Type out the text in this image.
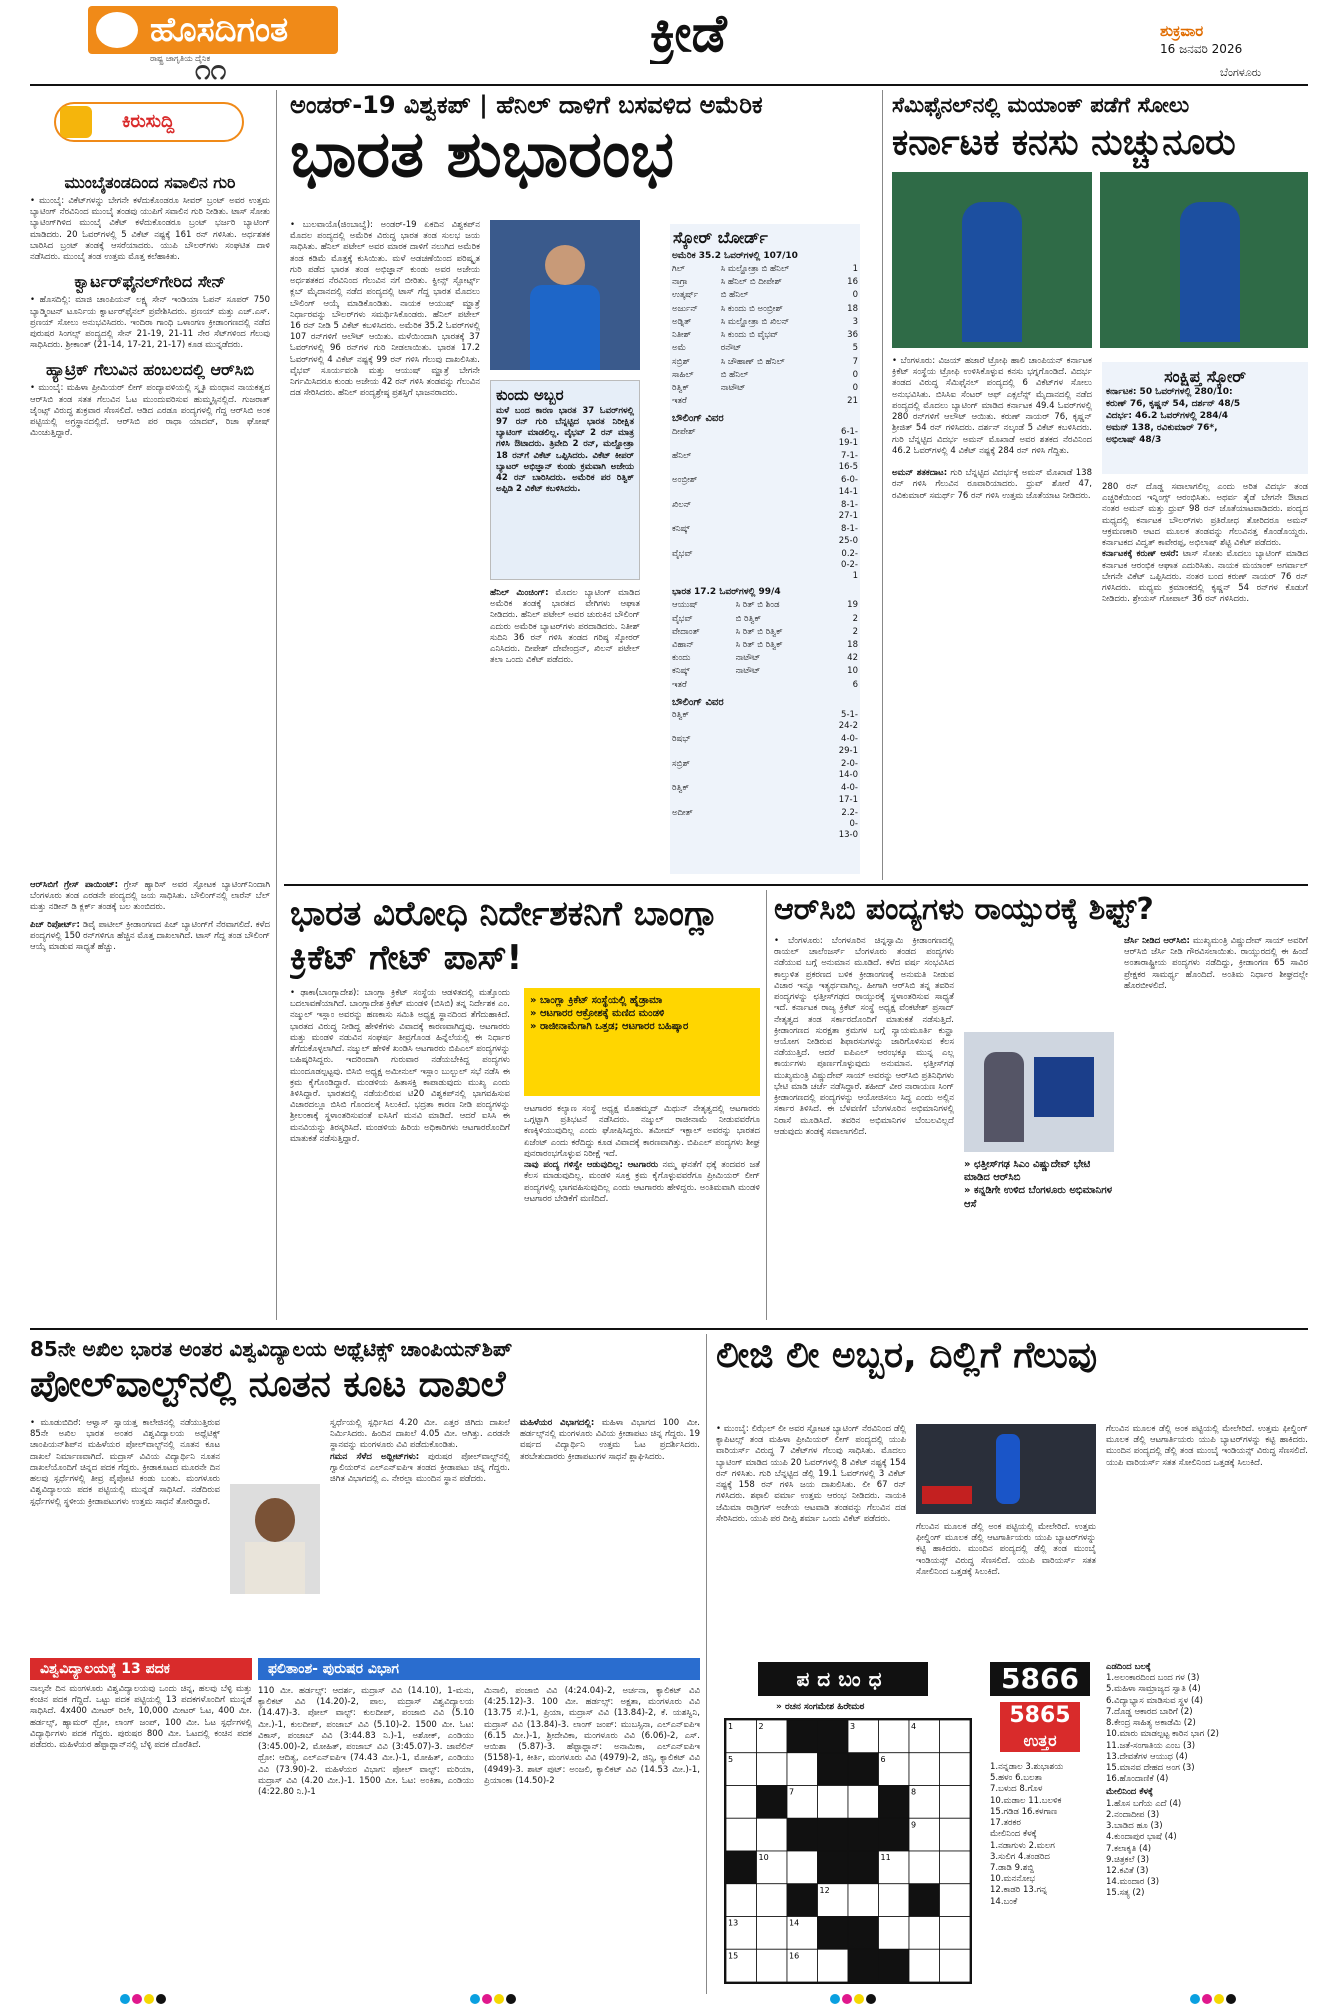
ಹೊಸದಿಗಂತ
ರಾಷ್ಟ್ರ ಜಾಗೃತಿಯ ದೈನಿಕ
೧೧
ಕ್ರೀಡೆ	ಶುಕ್ರವಾರ
16 ಜನವರಿ 2026
ಬೆಂಗಳೂರು
ಕಿರುಸುದ್ದಿ
ಮುಂಬೈತಂಡದಿಂದ ಸವಾಲಿನ ಗುರಿ
• ಮುಂಬೈ: ವಿಕೆಟ್‌ಗಳನ್ನು ಬೇಗನೇ ಕಳೆದುಕೊಂಡರೂ ಸೀವರ್ ಬ್ರಂಟ್ ಅವರ ಉತ್ತಮ ಬ್ಯಾಟಿಂಗ್ ನೆರವಿನಿಂದ ಮುಂಬೈ ತಂಡವು ಯುಪಿಗೆ ಸವಾಲಿನ ಗುರಿ ನೀಡಿತು. ಟಾಸ್ ಸೋತು ಬ್ಯಾಟಿಂಗ್‌ಗಿಳಿದ ಮುಂಬೈ ವಿಕೆಟ್ ಕಳೆದುಕೊಂಡರೂ ಬ್ರಂಟ್ ಭರ್ಜರಿ ಬ್ಯಾಟಿಂಗ್ ಮಾಡಿದರು. 20 ಓವರ್‌ಗಳಲ್ಲಿ 5 ವಿಕೆಟ್ ನಷ್ಟಕ್ಕೆ 161 ರನ್ ಗಳಿಸಿತು. ಅರ್ಧಶತಕ ಬಾರಿಸಿದ ಬ್ರಂಟ್ ತಂಡಕ್ಕೆ ಆಸರೆಯಾದರು. ಯುಪಿ ಬೌಲರ್‌ಗಳು ಸಂಘಟಿತ ದಾಳಿ ನಡೆಸಿದರು. ಮುಂಬೈ ತಂಡ ಉತ್ತಮ ಮೊತ್ತ ಕಲೆಹಾಕಿತು.
ಕ್ವಾರ್ಟರ್‌ಫೈನಲ್‌ಗೇರಿದ ಸೇನ್
• ಹೊಸದಿಲ್ಲಿ: ಮಾಜಿ ಚಾಂಪಿಯನ್ ಲಕ್ಷ್ಯ ಸೇನ್ ಇಂಡಿಯಾ ಓಪನ್ ಸೂಪರ್ 750 ಬ್ಯಾಡ್ಮಿಂಟನ್ ಟೂರ್ನಿಯ ಕ್ವಾರ್ಟರ್‌ಫೈನಲ್ ಪ್ರವೇಶಿಸಿದರು. ಪ್ರಣಯ್ ಮತ್ತು ಎಚ್.ಎಸ್. ಪ್ರಣಯ್ ಸೋಲು ಅನುಭವಿಸಿದರು. ಇಂದಿರಾ ಗಾಂಧಿ ಒಳಾಂಗಣ ಕ್ರೀಡಾಂಗಣದಲ್ಲಿ ನಡೆದ ಪುರುಷರ ಸಿಂಗಲ್ಸ್ ಪಂದ್ಯದಲ್ಲಿ ಸೇನ್ 21-19, 21-11 ನೇರ ಸೆಟ್‌ಗಳಿಂದ ಗೆಲುವು ಸಾಧಿಸಿದರು. ಶ್ರೀಕಾಂತ್ (21-14, 17-21, 21-17) ಕೂಡ ಮುನ್ನಡೆದರು.
ಹ್ಯಾಟ್ರಿಕ್ ಗೆಲುವಿನ ಹಂಬಲದಲ್ಲಿ ಆರ್‌ಸಿಬಿ
• ಮುಂಬೈ: ಮಹಿಳಾ ಪ್ರೀಮಿಯರ್ ಲೀಗ್ ಪಂದ್ಯಾವಳಿಯಲ್ಲಿ ಸ್ಮೃತಿ ಮಂಧಾನ ನಾಯಕತ್ವದ ಆರ್‌ಸಿಬಿ ತಂಡ ಸತತ ಗೆಲುವಿನ ಓಟ ಮುಂದುವರಿಸುವ ಹುಮ್ಮಸ್ಸಿನಲ್ಲಿದೆ. ಗುಜರಾತ್ ಜೈಂಟ್ಸ್ ವಿರುದ್ಧ ಶುಕ್ರವಾರ ಸೆಣಸಲಿದೆ. ಆಡಿದ ಎರಡೂ ಪಂದ್ಯಗಳಲ್ಲಿ ಗೆದ್ದ ಆರ್‌ಸಿಬಿ ಅಂಕ ಪಟ್ಟಿಯಲ್ಲಿ ಅಗ್ರಸ್ಥಾನದಲ್ಲಿದೆ. ಆರ್‌ಸಿಬಿ ಪರ ರಾಧಾ ಯಾದವ್, ರಿಚಾ ಘೋಷ್ ಮಿಂಚುತ್ತಿದ್ದಾರೆ.
ಆರ್‌ಸಿಬಿಗೆ ಗ್ರೇಸ್ ಪಾಯಿಂಟ್: ಗ್ರೇಸ್ ಹ್ಯಾರಿಸ್ ಅವರ ಸ್ಫೋಟಕ ಬ್ಯಾಟಿಂಗ್‌ನಿಂದಾಗಿ ಬೆಂಗಳೂರು ತಂಡ ಎರಡನೇ ಪಂದ್ಯದಲ್ಲಿ ಜಯ ಸಾಧಿಸಿತು. ಬೌಲಿಂಗ್‌ನಲ್ಲಿ ಲಾರೆನ್ ಬೆಲ್ ಮತ್ತು ನಡೀನ್ ಡಿ ಕ್ಲರ್ಕ್ ತಂಡಕ್ಕೆ ಬಲ ತುಂಬಿದರು.
ಪಿಚ್ ರಿಪೋರ್ಟ್: ಡಿವೈ ಪಾಟೀಲ್ ಕ್ರೀಡಾಂಗಣದ ಪಿಚ್ ಬ್ಯಾಟಿಂಗ್‌ಗೆ ನೆರವಾಗಲಿದೆ. ಕಳೆದ ಪಂದ್ಯಗಳಲ್ಲಿ 150 ರನ್‌ಗಳಿಗೂ ಹೆಚ್ಚಿನ ಮೊತ್ತ ದಾಖಲಾಗಿದೆ. ಟಾಸ್ ಗೆದ್ದ ತಂಡ ಬೌಲಿಂಗ್ ಆಯ್ಕೆ ಮಾಡುವ ಸಾಧ್ಯತೆ ಹೆಚ್ಚು.
ಅಂಡರ್-19 ವಿಶ್ವಕಪ್ | ಹೆನಿಲ್ ದಾಳಿಗೆ ಬಸವಳಿದ ಅಮೆರಿಕ
ಭಾರತ ಶುಭಾರಂಭ
• ಬುಲವಾಯೊ(ಜಿಂಬಾಬ್ವೆ): ಅಂಡರ್-19 ಏಕದಿನ ವಿಶ್ವಕಪ್‌ನ ಮೊದಲ ಪಂದ್ಯದಲ್ಲಿ ಅಮೆರಿಕ ವಿರುದ್ಧ ಭಾರತ ತಂಡ ಸುಲಭ ಜಯ ಸಾಧಿಸಿತು. ಹೆನಿಲ್ ಪಟೇಲ್ ಅವರ ಮಾರಕ ದಾಳಿಗೆ ನಲುಗಿದ ಅಮೆರಿಕ ತಂಡ ಕಡಿಮೆ ಮೊತ್ತಕ್ಕೆ ಕುಸಿಯಿತು. ಮಳೆ ಅಡಚಣೆಯಿಂದ ಪರಿಷ್ಕೃತ ಗುರಿ ಪಡೆದ ಭಾರತ ತಂಡ ಅಭಿಜ್ಞಾನ್ ಕುಂಡು ಅವರ ಅಜೇಯ ಅರ್ಧಶತಕದ ನೆರವಿನಿಂದ ಗೆಲುವಿನ ನಗೆ ಬೀರಿತು. ಕ್ವೀನ್ಸ್ ಸ್ಪೋರ್ಟ್ಸ್ ಕ್ಲಬ್ ಮೈದಾನದಲ್ಲಿ ನಡೆದ ಪಂದ್ಯದಲ್ಲಿ ಟಾಸ್ ಗೆದ್ದ ಭಾರತ ಮೊದಲು ಬೌಲಿಂಗ್ ಆಯ್ಕೆ ಮಾಡಿಕೊಂಡಿತು. ನಾಯಕ ಆಯುಷ್ ಮ್ಹಾತ್ರೆ ನಿರ್ಧಾರವನ್ನು ಬೌಲರ್‌ಗಳು ಸಮರ್ಥಿಸಿಕೊಂಡರು. ಹೆನಿಲ್ ಪಟೇಲ್ 16 ರನ್ ನೀಡಿ 5 ವಿಕೆಟ್ ಕಬಳಿಸಿದರು. ಅಮೆರಿಕ 35.2 ಓವರ್‌ಗಳಲ್ಲಿ 107 ರನ್‌ಗಳಿಗೆ ಆಲೌಟ್ ಆಯಿತು. ಮಳೆಯಿಂದಾಗಿ ಭಾರತಕ್ಕೆ 37 ಓವರ್‌ಗಳಲ್ಲಿ 96 ರನ್‌ಗಳ ಗುರಿ ನೀಡಲಾಯಿತು. ಭಾರತ 17.2 ಓವರ್‌ಗಳಲ್ಲಿ 4 ವಿಕೆಟ್ ನಷ್ಟಕ್ಕೆ 99 ರನ್ ಗಳಿಸಿ ಗೆಲುವು ದಾಖಲಿಸಿತು. ವೈಭವ್ ಸೂರ್ಯವಂಶಿ ಮತ್ತು ಆಯುಷ್ ಮ್ಹಾತ್ರೆ ಬೇಗನೇ ನಿರ್ಗಮಿಸಿದರೂ ಕುಂಡು ಅಜೇಯ 42 ರನ್ ಗಳಿಸಿ ತಂಡವನ್ನು ಗೆಲುವಿನ ದಡ ಸೇರಿಸಿದರು. ಹೆನಿಲ್ ಪಂದ್ಯಶ್ರೇಷ್ಠ ಪ್ರಶಸ್ತಿಗೆ ಭಾಜನರಾದರು.	ಕುಂದು ಅಬ್ಬರ
ಮಳೆ ಬಂದ ಕಾರಣ ಭಾರತ 37 ಓವರ್‌ಗಳಲ್ಲಿ 97 ರನ್ ಗುರಿ ಬೆನ್ನಟ್ಟಿದ ಭಾರತ ನಿರೀಕ್ಷಿತ ಬ್ಯಾಟಿಂಗ್ ಮಾಡಲಿಲ್ಲ. ವೈಭವ್ 2 ರನ್ ಮಾತ್ರ ಗಳಿಸಿ ಔಟಾದರು. ತ್ರಿವೇದಿ 2 ರನ್, ಮಲ್ಹೋತ್ರಾ 18 ರನ್‌ಗೆ ವಿಕೆಟ್ ಒಪ್ಪಿಸಿದರು. ವಿಕೆಟ್ ಕೀಪರ್ ಬ್ಯಾಟರ್ ಅಭಿಜ್ಞಾನ್ ಕುಂಡು ಕ್ರಮವಾಗಿ ಅಜೇಯ 42 ರನ್ ಬಾರಿಸಿದರು. ಅಮೆರಿಕ ಪರ ರಿತ್ವಿಕ್ ಅಪ್ಪಿಡಿ 2 ವಿಕೆಟ್ ಕಬಳಿಸಿದರು.
ಹೆನಿಲ್ ಮಿಂಚಿಂಗ್: ಮೊದಲ ಬ್ಯಾಟಿಂಗ್ ಮಾಡಿದ ಅಮೆರಿಕ ತಂಡಕ್ಕೆ ಭಾರತದ ವೇಗಿಗಳು ಆಘಾತ ನೀಡಿದರು. ಹೆನಿಲ್ ಪಟೇಲ್ ಅವರ ಚುರುಕಿನ ಬೌಲಿಂಗ್ ಎದುರು ಅಮೆರಿಕ ಬ್ಯಾಟರ್‌ಗಳು ಪರದಾಡಿದರು. ನಿತೀಶ್ ಸುದಿನಿ 36 ರನ್ ಗಳಿಸಿ ತಂಡದ ಗರಿಷ್ಠ ಸ್ಕೋರರ್ ಎನಿಸಿದರು. ದೀಪೇಶ್ ದೇವೇಂದ್ರನ್, ಖಿಲನ್ ಪಟೇಲ್ ತಲಾ ಒಂದು ವಿಕೆಟ್ ಪಡೆದರು.
ಸ್ಕೋರ್ ಬೋರ್ಡ್
ಅಮೆರಿಕ 35.2 ಓವರ್‌ಗಳಲ್ಲಿ 107/10
ಗಿಲ್	ಸಿ ಮಲ್ಹೋತ್ರಾ ಬಿ ಹೆನಿಲ್	1
ನಾಗ್ರಾ	ಸಿ ಹೆನಿಲ್ ಬಿ ದೀಪೇಶ್	16
ಉತ್ಕರ್ಷ್	ಬಿ ಹೆನಿಲ್	0
ಅರ್ಜುನ್	ಸಿ ಕುಂದು ಬಿ ಅಂಬ್ರೀಶ್	18
ಅಡ್ನಿತ್	ಸಿ ಮಲ್ಹೋತ್ರಾ ಬಿ ಖಿಲನ್	3
ನಿತೀಶ್	ಸಿ ಕುಂದು ಬಿ ವೈಭವ್	36
ಅಮೆ	ರನೌಟ್	5
ಸಬ್ರಿಶ್	ಸಿ ಚೌಹಾಣ್ ಬಿ ಹೆನಿಲ್	7
ಸಾಹಿಲ್	ಬಿ ಹೆನಿಲ್	0
ರಿತ್ವಿಕ್	ನಾಟೌಟ್	0
ಇತರೆ		21
ಬೌಲಿಂಗ್ ವಿವರ
ದೀಪೇಶ್	6-1-19-1
ಹೆನಿಲ್	7-1-16-5
ಅಂಬ್ರೀಶ್	6-0-14-1
ಖಿಲನ್	8-1-27-1
ಕನಿಷ್ಕ್	8-1-25-0
ವೈಭವ್	0.2-0-2-1
ಭಾರತ 17.2 ಓವರ್‌ಗಳಲ್ಲಿ 99/4
ಆಯುಷ್	ಸಿ ರಿತ್ ಬಿ ಶಿಂಡ	19
ವೈಭವ್	ಬಿ ರಿತ್ವಿಕ್	2
ವೇದಾಂತ್	ಸಿ ರಿತ್ ಬಿ ರಿತ್ವಿಕ್	2
ವಿಹಾನ್	ಸಿ ರಿತ್ ಬಿ ರಿತ್ವಿಕ್	18
ಕುಂದು	ನಾಟೌಟ್	42
ಕನಿಷ್ಕ್	ನಾಟೌಟ್	10
ಇತರೆ		6
ಬೌಲಿಂಗ್ ವಿವರ
ರಿತ್ವಿಕ್	5-1-24-2
ರಿಷಭ್	4-0-29-1
ಸಬ್ರಿಶ್	2-0-14-0
ರಿತ್ವಿಕ್	4-0-17-1
ಅದೀತ್	2.2-0-13-0
ಸೆಮಿಫೈನಲ್‌ನಲ್ಲಿ ಮಯಾಂಕ್ ಪಡೆಗೆ ಸೋಲು
ಕರ್ನಾಟಕ ಕನಸು ನುಚ್ಚುನೂರು
• ಬೆಂಗಳೂರು: ವಿಜಯ್ ಹಜಾರೆ ಟ್ರೋಫಿ ಹಾಲಿ ಚಾಂಪಿಯನ್ ಕರ್ನಾಟಕ ಕ್ರಿಕೆಟ್ ಸಂಸ್ಥೆಯ ಟ್ರೋಫಿ ಉಳಿಸಿಕೊಳ್ಳುವ ಕನಸು ಭಗ್ನಗೊಂಡಿದೆ. ವಿದರ್ಭ ತಂಡದ ವಿರುದ್ಧ ಸೆಮಿಫೈನಲ್ ಪಂದ್ಯದಲ್ಲಿ 6 ವಿಕೆಟ್‌ಗಳ ಸೋಲು ಅನುಭವಿಸಿತು. ಬಿಸಿಸಿಐ ಸೆಂಟರ್ ಆಫ್ ಎಕ್ಸಲೆನ್ಸ್ ಮೈದಾನದಲ್ಲಿ ನಡೆದ ಪಂದ್ಯದಲ್ಲಿ ಮೊದಲು ಬ್ಯಾಟಿಂಗ್ ಮಾಡಿದ ಕರ್ನಾಟಕ 49.4 ಓವರ್‌ಗಳಲ್ಲಿ 280 ರನ್‌ಗಳಿಗೆ ಆಲೌಟ್ ಆಯಿತು. ಕರುಣ್ ನಾಯರ್ 76, ಕೃಷ್ಣನ್ ಶ್ರೀಜಿತ್ 54 ರನ್ ಗಳಿಸಿದರು. ದರ್ಶನ್ ನಲ್ಕಂಡೆ 5 ವಿಕೆಟ್ ಕಬಳಿಸಿದರು. ಗುರಿ ಬೆನ್ನಟ್ಟಿದ ವಿದರ್ಭ ಅಮನ್ ಮೊಖಾಡೆ ಅವರ ಶತಕದ ನೆರವಿನಿಂದ 46.2 ಓವರ್‌ಗಳಲ್ಲಿ 4 ವಿಕೆಟ್ ನಷ್ಟಕ್ಕೆ 284 ರನ್ ಗಳಿಸಿ ಗೆದ್ದಿತು.

ಅಮನ್ ಶತಕದಾಟ: ಗುರಿ ಬೆನ್ನಟ್ಟಿದ ವಿದರ್ಭಕ್ಕೆ ಅಮನ್ ಮೊಖಾಡೆ 138 ರನ್ ಗಳಿಸಿ ಗೆಲುವಿನ ರೂವಾರಿಯಾದರು. ಧ್ರುವ್ ಶೋರೆ 47, ರವಿಕುಮಾರ್ ಸಮರ್ಥ್ 76 ರನ್ ಗಳಿಸಿ ಉತ್ತಮ ಜೊತೆಯಾಟ ನೀಡಿದರು.
ಸಂಕ್ಷಿಪ್ತ ಸ್ಕೋರ್
ಕರ್ನಾಟಕ: 50 ಓವರ್‌ಗಳಲ್ಲಿ 280/10:
ಕರುಣ್ 76, ಕೃಷ್ಣನ್ 54, ದರ್ಶನ್ 48/5
ವಿದರ್ಭ: 46.2 ಓವರ್‌ಗಳಲ್ಲಿ 284/4
ಅಮನ್ 138, ರವಿಕುಮಾರ್ 76*,
ಅಭಿಲಾಷ್ 48/3
280 ರನ್ ದೊಡ್ಡ ಸವಾಲಾಗಲಿಲ್ಲ ಎಂದು ಅರಿತ ವಿದರ್ಭ ತಂಡ ಎಚ್ಚರಿಕೆಯಿಂದ ಇನ್ನಿಂಗ್ಸ್ ಆರಂಭಿಸಿತು. ಅಥರ್ವ ತೈಡೆ ಬೇಗನೇ ಔಟಾದ ನಂತರ ಅಮನ್ ಮತ್ತು ಧ್ರುವ್ 98 ರನ್ ಜೊತೆಯಾಟವಾಡಿದರು. ಪಂದ್ಯದ ಮಧ್ಯದಲ್ಲಿ ಕರ್ನಾಟಕ ಬೌಲರ್‌ಗಳು ಪ್ರತಿರೋಧ ತೋರಿದರೂ ಅಮನ್ ಆಕ್ರಮಣಕಾರಿ ಆಟದ ಮೂಲಕ ತಂಡವನ್ನು ಗೆಲುವಿನತ್ತ ಕೊಂಡೊಯ್ದರು. ಕರ್ನಾಟಕದ ವಿದ್ವತ್ ಕಾವೇರಪ್ಪ, ಅಭಿಲಾಷ್ ಶೆಟ್ಟಿ ವಿಕೆಟ್ ಪಡೆದರು.
ಕರ್ನಾಟಕಕ್ಕೆ ಕರುಣ್ ಆಸರೆ: ಟಾಸ್ ಸೋತು ಮೊದಲು ಬ್ಯಾಟಿಂಗ್ ಮಾಡಿದ ಕರ್ನಾಟಕ ಆರಂಭಿಕ ಆಘಾತ ಎದುರಿಸಿತು. ನಾಯಕ ಮಯಾಂಕ್ ಅಗರ್ವಾಲ್ ಬೇಗನೇ ವಿಕೆಟ್ ಒಪ್ಪಿಸಿದರು. ನಂತರ ಬಂದ ಕರುಣ್ ನಾಯರ್ 76 ರನ್ ಗಳಿಸಿದರು. ಮಧ್ಯಮ ಕ್ರಮಾಂಕದಲ್ಲಿ ಕೃಷ್ಣನ್ 54 ರನ್‌ಗಳ ಕೊಡುಗೆ ನೀಡಿದರು. ಶ್ರೇಯಸ್ ಗೋಪಾಲ್ 36 ರನ್ ಗಳಿಸಿದರು.
ಭಾರತ ವಿರೋಧಿ ನಿರ್ದೇಶಕನಿಗೆ ಬಾಂಗ್ಲಾ ಕ್ರಿಕೆಟ್ ಗೇಟ್ ಪಾಸ್!
• ಢಾಕಾ(ಬಾಂಗ್ಲಾದೇಶ): ಬಾಂಗ್ಲಾ ಕ್ರಿಕೆಟ್ ಸಂಸ್ಥೆಯ ಆಡಳಿತದಲ್ಲಿ ಮತ್ತೊಂದು ಬದಲಾವಣೆಯಾಗಿದೆ. ಬಾಂಗ್ಲಾದೇಶ ಕ್ರಿಕೆಟ್ ಮಂಡಳಿ (ಬಿಸಿಬಿ) ತನ್ನ ನಿರ್ದೇಶಕ ಎಂ. ನಜ್ಮುಲ್ ಇಸ್ಲಾಂ ಅವರನ್ನು ಹಣಕಾಸು ಸಮಿತಿ ಅಧ್ಯಕ್ಷ ಸ್ಥಾನದಿಂದ ತೆಗೆದುಹಾಕಿದೆ. ಭಾರತದ ವಿರುದ್ಧ ನೀಡಿದ್ದ ಹೇಳಿಕೆಗಳು ವಿವಾದಕ್ಕೆ ಕಾರಣವಾಗಿದ್ದವು. ಆಟಗಾರರು ಮತ್ತು ಮಂಡಳಿ ನಡುವಿನ ಸಂಘರ್ಷ ತೀವ್ರಗೊಂಡ ಹಿನ್ನೆಲೆಯಲ್ಲಿ ಈ ನಿರ್ಧಾರ ತೆಗೆದುಕೊಳ್ಳಲಾಗಿದೆ. ನಜ್ಮುಲ್ ಹೇಳಿಕೆ ಖಂಡಿಸಿ ಆಟಗಾರರು ಬಿಪಿಎಲ್ ಪಂದ್ಯಗಳನ್ನು ಬಹಿಷ್ಕರಿಸಿದ್ದರು. ಇದರಿಂದಾಗಿ ಗುರುವಾರ ನಡೆಯಬೇಕಿದ್ದ ಪಂದ್ಯಗಳು ಮುಂದೂಡಲ್ಪಟ್ಟವು. ಬಿಸಿಬಿ ಅಧ್ಯಕ್ಷ ಅಮೀನುಲ್ ಇಸ್ಲಾಂ ಬುಲ್ಬುಲ್ ಸಭೆ ನಡೆಸಿ ಈ ಕ್ರಮ ಕೈಗೊಂಡಿದ್ದಾರೆ. ಮಂಡಳಿಯ ಹಿತಾಸಕ್ತಿ ಕಾಪಾಡುವುದು ಮುಖ್ಯ ಎಂದು ತಿಳಿಸಿದ್ದಾರೆ. ಭಾರತದಲ್ಲಿ ನಡೆಯಲಿರುವ ಟಿ20 ವಿಶ್ವಕಪ್‌ನಲ್ಲಿ ಭಾಗವಹಿಸುವ ವಿಚಾರದಲ್ಲೂ ಬಿಸಿಬಿ ಗೊಂದಲಕ್ಕೆ ಸಿಲುಕಿದೆ. ಭದ್ರತಾ ಕಾರಣ ನೀಡಿ ಪಂದ್ಯಗಳನ್ನು ಶ್ರೀಲಂಕಾಕ್ಕೆ ಸ್ಥಳಾಂತರಿಸುವಂತೆ ಐಸಿಸಿಗೆ ಮನವಿ ಮಾಡಿದೆ. ಆದರೆ ಐಸಿಸಿ ಈ ಮನವಿಯನ್ನು ತಿರಸ್ಕರಿಸಿದೆ. ಮಂಡಳಿಯ ಹಿರಿಯ ಅಧಿಕಾರಿಗಳು ಆಟಗಾರರೊಂದಿಗೆ ಮಾತುಕತೆ ನಡೆಸುತ್ತಿದ್ದಾರೆ.
» ಬಾಂಗ್ಲಾ ಕ್ರಿಕೆಟ್ ಸಂಸ್ಥೆಯಲ್ಲಿ ಹೈಡ್ರಾಮಾ
» ಆಟಗಾರರ ಆಕ್ರೋಶಕ್ಕೆ ಮಣಿದ ಮಂಡಳಿ
» ರಾಜೀನಾಮೆಗಾಗಿ ಒತ್ತಡ; ಆಟಗಾರರ ಬಹಿಷ್ಕಾರ
ಆಟಗಾರರ ಕಲ್ಯಾಣ ಸಂಸ್ಥೆ ಅಧ್ಯಕ್ಷ ಮೊಹಮ್ಮದ್ ಮಿಥುನ್ ನೇತೃತ್ವದಲ್ಲಿ ಆಟಗಾರರು ಒಗ್ಗಟ್ಟಾಗಿ ಪ್ರತಿಭಟನೆ ನಡೆಸಿದರು. ನಜ್ಮುಲ್ ರಾಜೀನಾಮೆ ನೀಡುವವರೆಗೂ ಕಣಕ್ಕಿಳಿಯುವುದಿಲ್ಲ ಎಂದು ಘೋಷಿಸಿದ್ದರು. ತಮೀಮ್ ಇಕ್ಬಾಲ್ ಅವರನ್ನು ಭಾರತದ ಏಜೆಂಟ್ ಎಂದು ಕರೆದಿದ್ದು ಕೂಡ ವಿವಾದಕ್ಕೆ ಕಾರಣವಾಗಿತ್ತು. ಬಿಪಿಎಲ್ ಪಂದ್ಯಗಳು ಶೀಘ್ರ ಪುನರಾರಂಭಗೊಳ್ಳುವ ನಿರೀಕ್ಷೆ ಇದೆ.
ನಾವು ಪಂದ್ಯ ಗಳಿಸ್ವೇ ಆಡುವುದಿಲ್ಲ: ಆಟಗಾರರು ನಮ್ಮ ಘನತೆಗೆ ಧಕ್ಕೆ ತಂದವರ ಜತೆ ಕೆಲಸ ಮಾಡುವುದಿಲ್ಲ. ಮಂಡಳಿ ಸೂಕ್ತ ಕ್ರಮ ಕೈಗೊಳ್ಳುವವರೆಗೂ ಪ್ರೀಮಿಯರ್ ಲೀಗ್ ಪಂದ್ಯಗಳಲ್ಲಿ ಭಾಗವಹಿಸುವುದಿಲ್ಲ ಎಂದು ಆಟಗಾರರು ಹೇಳಿದ್ದರು. ಅಂತಿಮವಾಗಿ ಮಂಡಳಿ ಆಟಗಾರರ ಬೇಡಿಕೆಗೆ ಮಣಿದಿದೆ.
ಆರ್‌ಸಿಬಿ ಪಂದ್ಯಗಳು ರಾಯ್ಪುರಕ್ಕೆ ಶಿಫ್ಟ್?
• ಬೆಂಗಳೂರು: ಬೆಂಗಳೂರಿನ ಚಿನ್ನಸ್ವಾಮಿ ಕ್ರೀಡಾಂಗಣದಲ್ಲಿ ರಾಯಲ್ ಚಾಲೆಂಜರ್ಸ್ ಬೆಂಗಳೂರು ತಂಡದ ಪಂದ್ಯಗಳು ನಡೆಯುವ ಬಗ್ಗೆ ಅನುಮಾನ ಮೂಡಿದೆ. ಕಳೆದ ವರ್ಷ ಸಂಭವಿಸಿದ ಕಾಲ್ತುಳಿತ ಪ್ರಕರಣದ ಬಳಿಕ ಕ್ರೀಡಾಂಗಣಕ್ಕೆ ಅನುಮತಿ ನೀಡುವ ವಿಚಾರ ಇನ್ನೂ ಇತ್ಯರ್ಥವಾಗಿಲ್ಲ. ಹೀಗಾಗಿ ಆರ್‌ಸಿಬಿ ತನ್ನ ತವರಿನ ಪಂದ್ಯಗಳನ್ನು ಛತ್ತೀಸ್‌ಗಢದ ರಾಯ್ಪುರಕ್ಕೆ ಸ್ಥಳಾಂತರಿಸುವ ಸಾಧ್ಯತೆ ಇದೆ. ಕರ್ನಾಟಕ ರಾಜ್ಯ ಕ್ರಿಕೆಟ್ ಸಂಸ್ಥೆ ಅಧ್ಯಕ್ಷ ವೆಂಕಟೇಶ್ ಪ್ರಸಾದ್ ನೇತೃತ್ವದ ತಂಡ ಸರ್ಕಾರದೊಂದಿಗೆ ಮಾತುಕತೆ ನಡೆಸುತ್ತಿದೆ. ಕ್ರೀಡಾಂಗಣದ ಸುರಕ್ಷತಾ ಕ್ರಮಗಳ ಬಗ್ಗೆ ನ್ಯಾಯಮೂರ್ತಿ ಕುನ್ಹಾ ಆಯೋಗ ನೀಡಿರುವ ಶಿಫಾರಸುಗಳನ್ನು ಜಾರಿಗೊಳಿಸುವ ಕೆಲಸ ನಡೆಯುತ್ತಿದೆ. ಆದರೆ ಐಪಿಎಲ್ ಆರಂಭಕ್ಕೂ ಮುನ್ನ ಎಲ್ಲ ಕಾರ್ಯಗಳು ಪೂರ್ಣಗೊಳ್ಳುವುದು ಅನುಮಾನ. ಛತ್ತೀಸ್‌ಗಢ ಮುಖ್ಯಮಂತ್ರಿ ವಿಷ್ಣುದೇವ್ ಸಾಯ್ ಅವರನ್ನು ಆರ್‌ಸಿಬಿ ಪ್ರತಿನಿಧಿಗಳು ಭೇಟಿ ಮಾಡಿ ಚರ್ಚೆ ನಡೆಸಿದ್ದಾರೆ. ಶಹೀದ್ ವೀರ ನಾರಾಯಣ ಸಿಂಗ್ ಕ್ರೀಡಾಂಗಣದಲ್ಲಿ ಪಂದ್ಯಗಳನ್ನು ಆಯೋಜಿಸಲು ಸಿದ್ಧ ಎಂದು ಅಲ್ಲಿನ ಸರ್ಕಾರ ತಿಳಿಸಿದೆ. ಈ ಬೆಳವಣಿಗೆ ಬೆಂಗಳೂರಿನ ಅಭಿಮಾನಿಗಳಲ್ಲಿ ನಿರಾಸೆ ಮೂಡಿಸಿದೆ. ತವರಿನ ಅಭಿಮಾನಿಗಳ ಬೆಂಬಲವಿಲ್ಲದೆ ಆಡುವುದು ತಂಡಕ್ಕೆ ಸವಾಲಾಗಲಿದೆ.
» ಛತ್ತೀಸ್‌ಗಢ ಸಿಎಂ ವಿಷ್ಣುದೇವ್ ಭೇಟಿ ಮಾಡಿದ ಆರ್‌ಸಿಬಿ
» ಕನ್ನಡಿಗೇ ಉಳಿದ ಬೆಂಗಳೂರು ಅಭಿಮಾನಿಗಳ ಆಸೆ
ಜೆರ್ಸಿ ನೀಡಿದ ಆರ್‌ಸಿಬಿ: ಮುಖ್ಯಮಂತ್ರಿ ವಿಷ್ಣುದೇವ್ ಸಾಯ್ ಅವರಿಗೆ ಆರ್‌ಸಿಬಿ ಜೆರ್ಸಿ ನೀಡಿ ಗೌರವಿಸಲಾಯಿತು. ರಾಯ್ಪುರದಲ್ಲಿ ಈ ಹಿಂದೆ ಅಂತಾರಾಷ್ಟ್ರೀಯ ಪಂದ್ಯಗಳು ನಡೆದಿದ್ದು, ಕ್ರೀಡಾಂಗಣ 65 ಸಾವಿರ ಪ್ರೇಕ್ಷಕರ ಸಾಮರ್ಥ್ಯ ಹೊಂದಿದೆ. ಅಂತಿಮ ನಿರ್ಧಾರ ಶೀಘ್ರದಲ್ಲೇ ಹೊರಬೀಳಲಿದೆ.
85ನೇ ಅಖಿಲ ಭಾರತ ಅಂತರ ವಿಶ್ವವಿದ್ಯಾಲಯ ಅಥ್ಲೆಟಿಕ್ಸ್ ಚಾಂಪಿಯನ್‌ಶಿಪ್
ಪೋಲ್‌ವಾಲ್ಟ್‌ನಲ್ಲಿ ನೂತನ ಕೂಟ ದಾಖಲೆ
• ಮೂಡುಬಿದಿರೆ: ಆಳ್ವಾಸ್ ಸ್ವಾಯತ್ತ ಕಾಲೇಜಿನಲ್ಲಿ ನಡೆಯುತ್ತಿರುವ 85ನೇ ಅಖಿಲ ಭಾರತ ಅಂತರ ವಿಶ್ವವಿದ್ಯಾಲಯ ಅಥ್ಲೆಟಿಕ್ಸ್ ಚಾಂಪಿಯನ್‌ಶಿಪ್‌ನ ಮಹಿಳೆಯರ ಪೋಲ್‌ವಾಲ್ಟ್‌ನಲ್ಲಿ ನೂತನ ಕೂಟ ದಾಖಲೆ ನಿರ್ಮಾಣವಾಗಿದೆ. ಮದ್ರಾಸ್ ವಿವಿಯ ವಿದ್ಯಾರ್ಥಿನಿ ನೂತನ ದಾಖಲೆಯೊಂದಿಗೆ ಚಿನ್ನದ ಪದಕ ಗೆದ್ದರು. ಕ್ರೀಡಾಕೂಟದ ಮೂರನೇ ದಿನ ಹಲವು ಸ್ಪರ್ಧೆಗಳಲ್ಲಿ ತೀವ್ರ ಪೈಪೋಟಿ ಕಂಡು ಬಂತು. ಮಂಗಳೂರು ವಿಶ್ವವಿದ್ಯಾಲಯ ಪದಕ ಪಟ್ಟಿಯಲ್ಲಿ ಮುನ್ನಡೆ ಸಾಧಿಸಿದೆ. ನಡೆದಿರುವ ಸ್ಪರ್ಧೆಗಳಲ್ಲಿ ಸ್ಥಳೀಯ ಕ್ರೀಡಾಪಟುಗಳು ಉತ್ತಮ ಸಾಧನೆ ತೋರಿದ್ದಾರೆ.
ಸ್ವರ್ಧೆಯಲ್ಲಿ ಸ್ಪರ್ಧಿಸಿದ 4.20 ಮೀ. ಎತ್ತರ ಜಿಗಿದು ದಾಖಲೆ ನಿರ್ಮಿಸಿದರು. ಹಿಂದಿನ ದಾಖಲೆ 4.05 ಮೀ. ಆಗಿತ್ತು. ಎರಡನೇ ಸ್ಥಾನವನ್ನು ಮಂಗಳೂರು ವಿವಿ ಪಡೆದುಕೊಂಡಿತು.
ಗಮನ ಸೆಳೆದ ಅಥ್ಲೀಟ್‌ಗಳು: ಪುರುಷರ ಪೋಲ್‌ವಾಲ್ಟ್‌ನಲ್ಲಿ ಗ್ವಾಲಿಯರ್‌ನ ಎಲ್‌ಎನ್‌ಐಪಿಇ ತಂಡದ ಕ್ರೀಡಾಪಟು ಚಿನ್ನ ಗೆದ್ದರು. ಜಿಗಿತ ವಿಭಾಗದಲ್ಲಿ ಎ. ನೇರಲ್ಲಾ ಮುಂದಿನ ಸ್ಥಾನ ಪಡೆದರು.
ಮಹಿಳೆಯರ ವಿಭಾಗದಲ್ಲಿ: ಮಹಿಳಾ ವಿಭಾಗದ 100 ಮೀ. ಹರ್ಡಲ್ಸ್‌ನಲ್ಲಿ ಮಂಗಳೂರು ವಿವಿಯ ಕ್ರೀಡಾಪಟು ಚಿನ್ನ ಗೆದ್ದರು. 19 ವರ್ಷದ ವಿದ್ಯಾರ್ಥಿನಿ ಉತ್ತಮ ಓಟ ಪ್ರದರ್ಶಿಸಿದರು. ತರಬೇತುದಾರರು ಕ್ರೀಡಾಪಟುಗಳ ಸಾಧನೆ ಶ್ಲಾಘಿಸಿದರು.
ವಿಶ್ವವಿದ್ಯಾಲಯಕ್ಕೆ 13 ಪದಕ
ನಾಲ್ಕನೇ ದಿನ ಮಂಗಳೂರು ವಿಶ್ವವಿದ್ಯಾಲಯವು ಒಂದು ಚಿನ್ನ, ಹಲವು ಬೆಳ್ಳಿ ಮತ್ತು ಕಂಚಿನ ಪದಕ ಗೆದ್ದಿದೆ. ಒಟ್ಟು ಪದಕ ಪಟ್ಟಿಯಲ್ಲಿ 13 ಪದಕಗಳೊಂದಿಗೆ ಮುನ್ನಡೆ ಸಾಧಿಸಿದೆ. 4x400 ಮೀಟರ್ ರಿಲೇ, 10,000 ಮೀಟರ್ ಓಟ, 400 ಮೀ. ಹರ್ಡಲ್ಸ್, ಹ್ಯಾಮರ್ ಥ್ರೋ, ಲಾಂಗ್ ಜಂಪ್, 100 ಮೀ. ಓಟ ಸ್ಪರ್ಧೆಗಳಲ್ಲಿ ವಿದ್ಯಾರ್ಥಿಗಳು ಪದಕ ಗೆದ್ದರು. ಪುರುಷರ 800 ಮೀ. ಓಟದಲ್ಲಿ ಕಂಚಿನ ಪದಕ ಪಡೆದರು. ಮಹಿಳೆಯರ ಹೆಪ್ಟಾಥ್ಲಾನ್‌ನಲ್ಲಿ ಬೆಳ್ಳಿ ಪದಕ ದೊರೆತಿದೆ.
ಫಲಿತಾಂಶ- ಪುರುಷರ ವಿಭಾಗ
110 ಮೀ. ಹರ್ಡಲ್ಸ್: ಆದರ್ಶ, ಮದ್ರಾಸ್ ವಿವಿ (14.10), 1-ಮನು, ಕ್ಯಾಲಿಕಟ್ ವಿವಿ (14.20)-2, ಪಾಲ, ಮದ್ರಾಸ್ ವಿಶ್ವವಿದ್ಯಾಲಯ (14.47)-3. ಪೋಲ್ ವಾಲ್ಟ್: ಕುಲದೀಪ್, ಪಂಜಾಬಿ ವಿವಿ (5.10 ಮೀ.)-1, ಕುಲದೀಪ್, ಪಂಜಾಬ್ ವಿವಿ (5.10)-2. 1500 ಮೀ. ಓಟ: ವಿಕಾಸ್, ಪಂಜಾಬ್ ವಿವಿ (3:44.83 ನಿ.)-1, ಅಶೋಕ್, ಎಂಡಿಯು (3:45.00)-2, ಮೋಹಿತ್, ಪಂಜಾಬ್ ವಿವಿ (3:45.07)-3. ಜಾವೆಲಿನ್ ಥ್ರೋ: ಆದಿತ್ಯ, ಎಲ್‌ಎನ್‌ಐಪಿಇ (74.43 ಮೀ.)-1, ಮೋಹಿತ್, ಎಂಡಿಯು ವಿವಿ (73.90)-2. ಮಹಿಳೆಯರ ವಿಭಾಗ: ಪೋಲ್ ವಾಲ್ಟ್: ಮರಿಯಾ, ಮದ್ರಾಸ್ ವಿವಿ (4.20 ಮೀ.)-1. 1500 ಮೀ. ಓಟ: ಅಂಕಿತಾ, ಎಂಡಿಯು (4:22.80 ನಿ.)-1
ಮಿನಾಲಿ, ಪಂಜಾಬಿ ವಿವಿ (4:24.04)-2, ಅರ್ಚನಾ, ಕ್ಯಾಲಿಕಟ್ ವಿವಿ (4:25.12)-3. 100 ಮೀ. ಹರ್ಡಲ್ಸ್: ಅಕ್ಷತಾ, ಮಂಗಳೂರು ವಿವಿ (13.75 ಸೆ.)-1, ಪ್ರಿಯಾ, ಮದ್ರಾಸ್ ವಿವಿ (13.84)-2, ಕೆ. ಯಶಸ್ವಿನಿ, ಮದ್ರಾಸ್ ವಿವಿ (13.84)-3. ಲಾಂಗ್ ಜಂಪ್: ಮುಬಸ್ಸಿನಾ, ಎಲ್‌ಎನ್‌ಐಪಿಇ (6.15 ಮೀ.)-1, ಶ್ರೀದೇವಿಕಾ, ಮಂಗಳೂರು ವಿವಿ (6.06)-2, ಎಸ್. ಆಯಿಶಾ (5.87)-3. ಹೆಪ್ಟಾಥ್ಲಾನ್: ಅನಾಮಿಕಾ, ಎಲ್‌ಎನ್‌ಐಪಿಇ (5158)-1, ಕೀರ್ತಿ, ಮಂಗಳೂರು ವಿವಿ (4979)-2, ಜಿನ್ಸಿ, ಕ್ಯಾಲಿಕಟ್ ವಿವಿ (4949)-3. ಶಾಟ್ ಪುಟ್: ಅಂಜಲಿ, ಕ್ಯಾಲಿಕಟ್ ವಿವಿ (14.53 ಮೀ.)-1, ಪ್ರಿಯಾಂಕಾ (14.50)-2
ಲೀಜಿ ಲೀ ಅಬ್ಬರ, ದಿಲ್ಲಿಗೆ ಗೆಲುವು
• ಮುಂಬೈ: ಲಿಝೆಲ್ ಲೀ ಅವರ ಸ್ಫೋಟಕ ಬ್ಯಾಟಿಂಗ್ ನೆರವಿನಿಂದ ಡೆಲ್ಲಿ ಕ್ಯಾಪಿಟಲ್ಸ್ ತಂಡ ಮಹಿಳಾ ಪ್ರೀಮಿಯರ್ ಲೀಗ್ ಪಂದ್ಯದಲ್ಲಿ ಯುಪಿ ವಾರಿಯರ್ಸ್ ವಿರುದ್ಧ 7 ವಿಕೆಟ್‌ಗಳ ಗೆಲುವು ಸಾಧಿಸಿತು. ಮೊದಲು ಬ್ಯಾಟಿಂಗ್ ಮಾಡಿದ ಯುಪಿ 20 ಓವರ್‌ಗಳಲ್ಲಿ 8 ವಿಕೆಟ್ ನಷ್ಟಕ್ಕೆ 154 ರನ್ ಗಳಿಸಿತು. ಗುರಿ ಬೆನ್ನಟ್ಟಿದ ಡೆಲ್ಲಿ 19.1 ಓವರ್‌ಗಳಲ್ಲಿ 3 ವಿಕೆಟ್ ನಷ್ಟಕ್ಕೆ 158 ರನ್ ಗಳಿಸಿ ಜಯ ದಾಖಲಿಸಿತು. ಲೀ 67 ರನ್ ಗಳಿಸಿದರು. ಶಫಾಲಿ ವರ್ಮಾ ಉತ್ತಮ ಆರಂಭ ನೀಡಿದರು. ನಾಯಕಿ ಜೆಮಿಮಾ ರಾಡ್ರಿಗಸ್ ಅಜೇಯ ಆಟವಾಡಿ ತಂಡವನ್ನು ಗೆಲುವಿನ ದಡ ಸೇರಿಸಿದರು. ಯುಪಿ ಪರ ದೀಪ್ತಿ ಶರ್ಮಾ ಒಂದು ವಿಕೆಟ್ ಪಡೆದರು.
ಗೆಲುವಿನ ಮೂಲಕ ಡೆಲ್ಲಿ ಅಂಕ ಪಟ್ಟಿಯಲ್ಲಿ ಮೇಲೇರಿದೆ. ಉತ್ತಮ ಫೀಲ್ಡಿಂಗ್ ಮೂಲಕ ಡೆಲ್ಲಿ ಆಟಗಾರ್ತಿಯರು ಯುಪಿ ಬ್ಯಾಟರ್‌ಗಳನ್ನು ಕಟ್ಟಿ ಹಾಕಿದರು. ಮುಂದಿನ ಪಂದ್ಯದಲ್ಲಿ ಡೆಲ್ಲಿ ತಂಡ ಮುಂಬೈ ಇಂಡಿಯನ್ಸ್ ವಿರುದ್ಧ ಸೆಣಸಲಿದೆ. ಯುಪಿ ವಾರಿಯರ್ಸ್ ಸತತ ಸೋಲಿನಿಂದ ಒತ್ತಡಕ್ಕೆ ಸಿಲುಕಿದೆ.
ಗೆಲುವಿನ ಮೂಲಕ ಡೆಲ್ಲಿ ಅಂಕ ಪಟ್ಟಿಯಲ್ಲಿ ಮೇಲೇರಿದೆ. ಉತ್ತಮ ಫೀಲ್ಡಿಂಗ್ ಮೂಲಕ ಡೆಲ್ಲಿ ಆಟಗಾರ್ತಿಯರು ಯುಪಿ ಬ್ಯಾಟರ್‌ಗಳನ್ನು ಕಟ್ಟಿ ಹಾಕಿದರು. ಮುಂದಿನ ಪಂದ್ಯದಲ್ಲಿ ಡೆಲ್ಲಿ ತಂಡ ಮುಂಬೈ ಇಂಡಿಯನ್ಸ್ ವಿರುದ್ಧ ಸೆಣಸಲಿದೆ. ಯುಪಿ ವಾರಿಯರ್ಸ್ ಸತತ ಸೋಲಿನಿಂದ ಒತ್ತಡಕ್ಕೆ ಸಿಲುಕಿದೆ.
ಪದಬಂಧ
» ರಚನ ಸಂಗಮೇಶ ಹಿರೇಮಠ
1	2	3	4
5	6
7	8
9
10	11
12
13	14
15	16
5866
5865
ಉತ್ತರ
1.ನನ್ನಡಾಲ 3.ಶುಭಾಶಯ
5.ಹಳಂ 6.ಬಲತಾ
7.ಬಳುದ 8.ಗೊಳ
10.ಮಡಾಲ 11.ಬಲಳಿಕ
15.ಗಡಿಡ 16.ಕಳಗಾಣ
17.ತರಕರ
ಮೇಲಿನಿಂದ ಕೆಳಕ್ಕೆ
1.ನಡಾಗುಳು 2.ಮಲಗ
3.ಸುಲಿಗ 4.ತಂಡರಿದ
7.ಡಾಡಿ 9.ಶಬ್ದಿ
10.ಮನನೋಭ
12.ಕಾಡರಿ 13.ಗನ್ನ
14.ಬಂಕೆ
ಎಡದಿಂದ ಬಲಕ್ಕೆ
1.ಅಲಂಕಾರದಿಂದ ಬಂದ ಗಳ (3)
5.ಮಹಿಳಾ ಸಾಮ್ರಾಜ್ಯದ ಸ್ವಾತಿ (4)
6.ವಿದ್ಯಾಭ್ಯಾಸ ಮಾಡಿಸುವ ಸ್ಥಳ (4)
7.ದೊಡ್ಡ ಆಕಾರದ ಬಾರಿಗೆ (2)
8.ಕೇಂದ್ರ ಸಾಹಿತ್ಯ ಅಕಾಡೆಮಿ (2)
10.ಮಾರು ಮಾಡಲ್ಪಟ್ಟ ಕಾರಿನ ಭಾಗ (2)
11.ಜತೆ-ಸಂಗಾತಿಯ ಎಂಬ (3)
13.ದೇವತೆಗಳ ಆಯುಧ (4)
15.ಮಾನವ ದೇಹದ ಅಂಗ (3)
16.ಹೊಂದಾಣಿಕೆ (4)
ಮೇಲಿನಿಂದ ಕೆಳಕ್ಕೆ
1.ಹೊಸ ಬಗೆಯ ಎದೆ (4)
2.ನಂದಾದೀಪ (3)
3.ಬಾಡಿದ ಹೂ (3)
4.ಕುಂದಾಪುರ ಭಾಷೆ (4)
7.ಕಲಾಕೃತಿ (4)
9.ಚಿತ್ರಕಲೆ (3)
12.ಕವಿತೆ (3)
14.ಮಂದಾರ (3)
15.ಸತ್ಯ (2)
